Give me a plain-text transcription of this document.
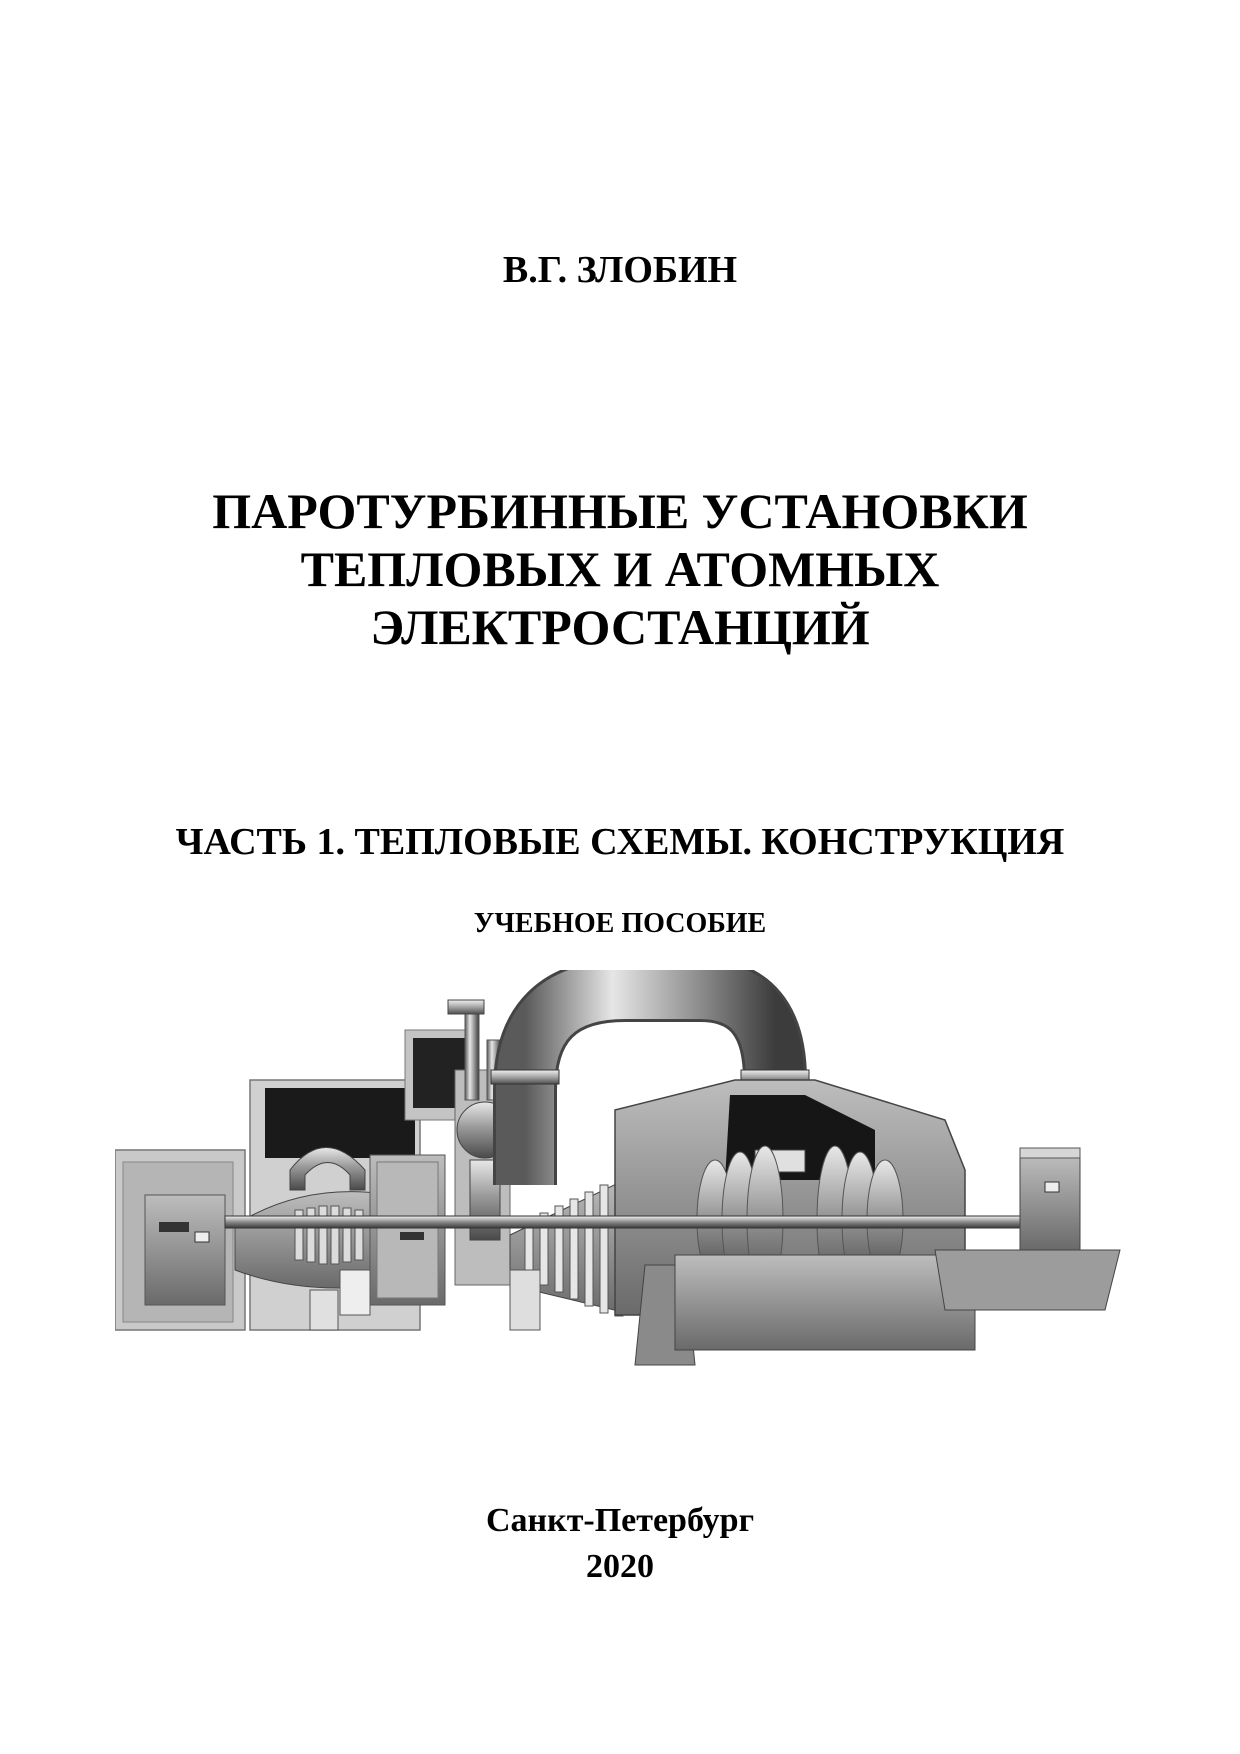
В.Г. ЗЛОБИН
ПАРОТУРБИННЫЕ УСТАНОВКИ
ТЕПЛОВЫХ И АТОМНЫХ
ЭЛЕКТРОСТАНЦИЙ
ЧАСТЬ 1. ТЕПЛОВЫЕ СХЕМЫ. КОНСТРУКЦИЯ
УЧЕБНОЕ ПОСОБИЕ
Санкт-Петербург
2020
